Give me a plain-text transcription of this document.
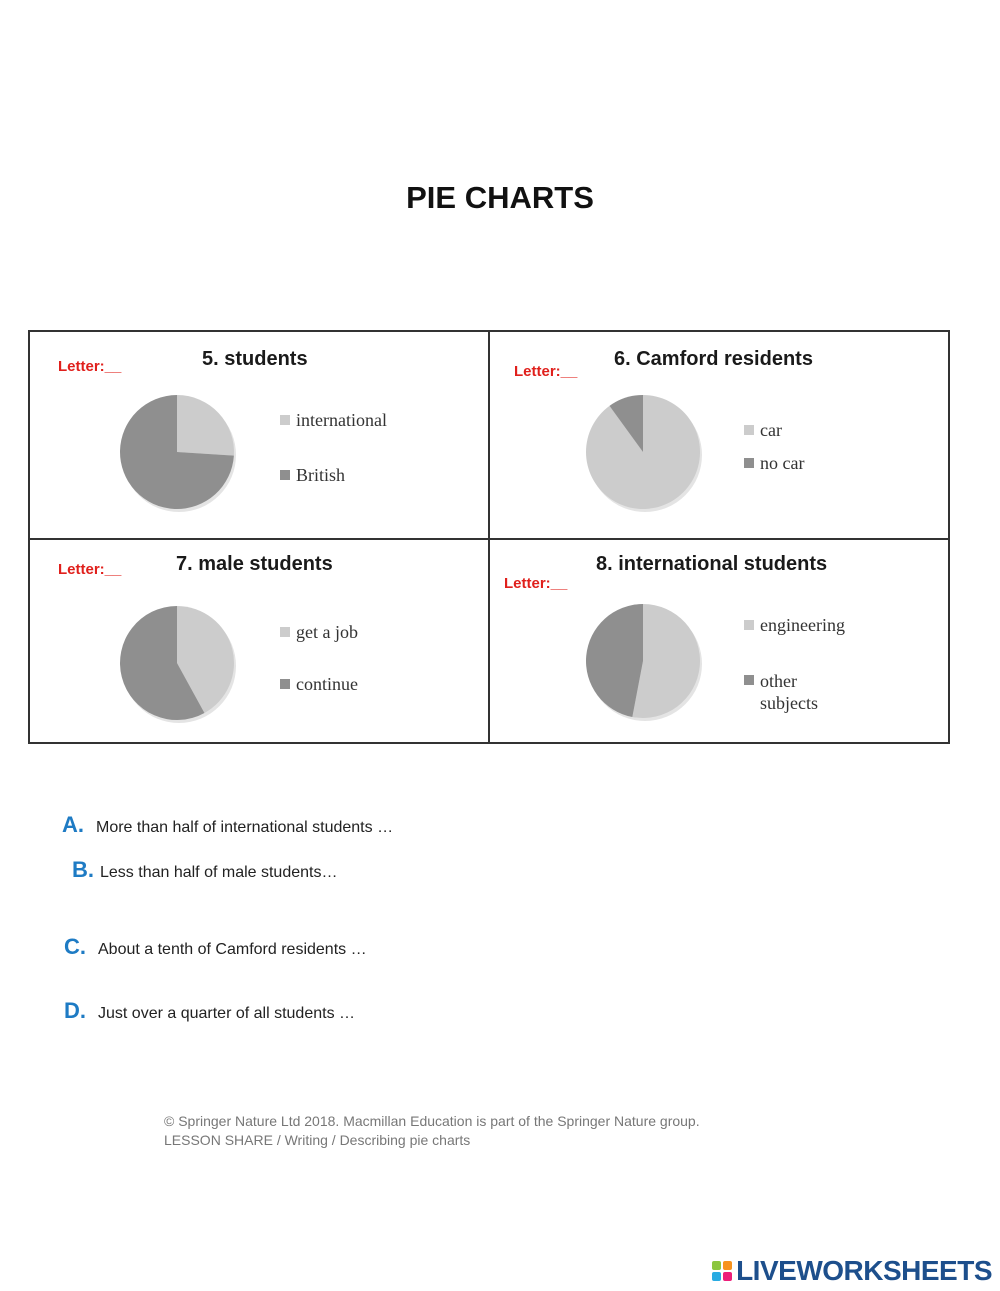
PIE CHARTS
Letter:__	5. students
international
British
Letter:__
6. Camford residents
car
no car
Letter:__	7. male students
get a job
continue
Letter:__
8. international students
engineering
other subjects
A. More than half of international students …
B. Less than half of male students…
C. About a tenth of Camford residents …
D. Just over a quarter of all students …
© Springer Nature Ltd 2018. Macmillan Education is part of the Springer Nature group.
LESSON SHARE / Writing / Describing pie charts
LIVEWORKSHEETS
